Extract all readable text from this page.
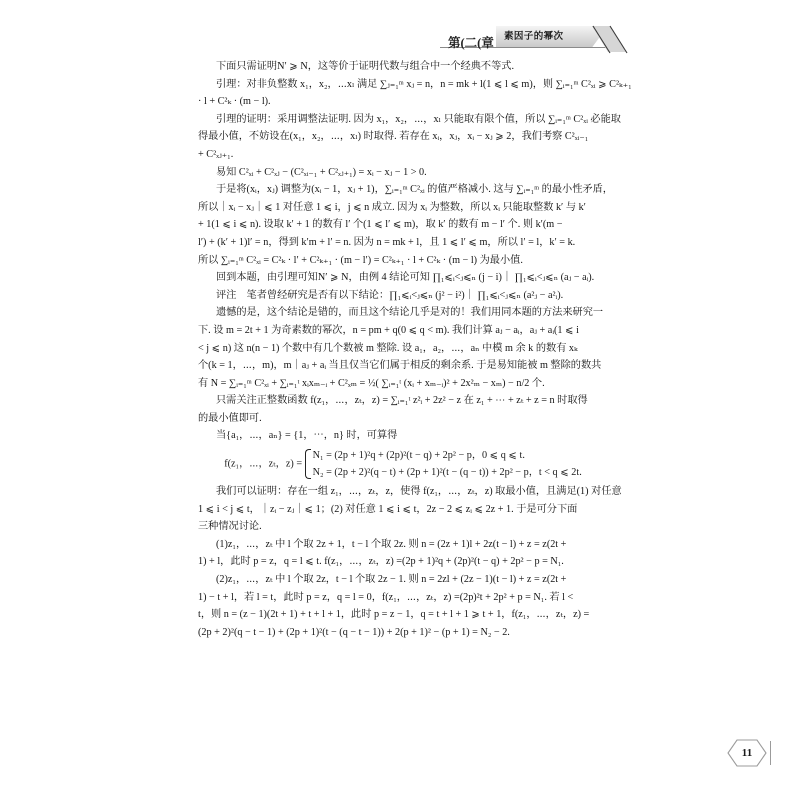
第(二(章 素因子的幂次
下面只需证明N′ ⩾ N，这等价于证明代数与组合中一个经典不等式.
引理：对非负整数 x₁，x₂，⋯xₗ 满足 ∑ⱼ₌₁ᵐ xⱼ = n，n = mk + l(1 ⩽ l ⩽ m)，则 ∑ᵢ₌₁ᵐ C²ₓᵢ ⩾ C²ₖ₊₁
· l + C²ₖ · (m − l).
引理的证明：采用调整法证明. 因为 x₁，x₂，⋯，xₗ 只能取有限个值，所以 ∑ᵢ₌₁ᵐ C²ₓᵢ 必能取
得最小值，不妨设在(x₁，x₂，⋯，xₗ) 时取得. 若存在 xᵢ，xⱼ，xᵢ − xⱼ ⩾ 2，我们考察 C²ₓᵢ₋₁
+ C²ₓⱼ₊₁.
易知 C²ₓᵢ + C²ₓⱼ − (C²ₓᵢ₋₁ + C²ₓⱼ₊₁) = xᵢ − xⱼ − 1 > 0.
于是将(xᵢ，xⱼ) 调整为(xᵢ − 1，xⱼ + 1)，∑ᵢ₌₁ᵐ C²ₓᵢ 的值严格减小. 这与 ∑ᵢ₌₁ᵐ 的最小性矛盾，
所以｜xᵢ − xⱼ｜⩽ 1 对任意 1 ⩽ i，j ⩽ n 成立. 因为 xᵢ 为整数，所以 xᵢ 只能取整数 k′ 与 k′
+ 1(1 ⩽ i ⩽ n). 设取 k′ + 1 的数有 l′ 个(1 ⩽ l′ ⩽ m)，取 k′ 的数有 m − l′ 个. 则 k′(m −
l′) + (k′ + 1)l′ = n，得到 k′m + l′ = n. 因为 n = mk + l，且 1 ⩽ l′ ⩽ m，所以 l′ = l，k′ = k.
所以 ∑ᵢ₌₁ᵐ C²ₓᵢ = C²ₖ · l′ + C²ₖ₊₁ · (m − l′) = C²ₖ₊₁ · l + C²ₖ · (m − l) 为最小值.
回到本题，由引理可知N′ ⩾ N，由例 4 结论可知 ∏₁⩽ᵢ<ⱼ⩽ₙ (j − i)｜ ∏₁⩽ᵢ<ⱼ⩽ₙ (aⱼ − aᵢ).
评注　笔者曾经研究是否有以下结论：∏₁⩽ᵢ<ⱼ⩽ₙ (j² − i²)｜ ∏₁⩽ᵢ<ⱼ⩽ₙ (a²ⱼ − a²ᵢ).
遗憾的是，这个结论是错的，而且这个结论几乎是对的！我们用同本题的方法来研究一
下. 设 m = 2t + 1 为奇素数的幂次，n = pm + q(0 ⩽ q < m). 我们计算 aⱼ − aᵢ，aⱼ + aᵢ(1 ⩽ i
< j ⩽ n) 这 n(n − 1) 个数中有几个数被 m 整除. 设 a₁，a₂，⋯，aₙ 中模 m 余 k 的数有 xₖ
个(k = 1，⋯，m)，m｜aⱼ + aᵢ 当且仅当它们属于相反的剩余系. 于是易知能被 m 整除的数共
有 N = ∑ᵢ₌₁ᵐ C²ₓᵢ + ∑ᵢ₌₁ᵗ xᵢxₘ₋ᵢ + C²ₓₘ = ½( ∑ᵢ₌₁ᵗ (xᵢ + xₘ₋ᵢ)² + 2x²ₘ − xₘ) − n/2 个.
只需关注正整数函数 f(z₁，⋯，zₜ，z) = ∑ᵢ₌₁ᵗ z²ᵢ + 2z² − z 在 z₁ + ⋯ + zₜ + z = n 时取得
的最小值即可.
当{a₁，⋯，aₙ} = {1，⋯，n} 时，可算得
f(z₁，⋯，zₜ，z) =
N₁ = (2p + 1)²q + (2p)²(t − q) + 2p² − p，0 ⩽ q ⩽ t.
N₂ = (2p + 2)²(q − t) + (2p + 1)²(t − (q − t)) + 2p² − p，t < q ⩽ 2t.
我们可以证明：存在一组 z₁，⋯，zₜ，z，使得 f(z₁，⋯，zₜ，z) 取最小值，且满足(1) 对任意
1 ⩽ i < j ⩽ t，｜zᵢ − zⱼ｜⩽ 1；(2) 对任意 1 ⩽ i ⩽ t，2z − 2 ⩽ zᵢ ⩽ 2z + 1. 于是可分下面
三种情况讨论.
(1)z₁，⋯，zₜ 中 l 个取 2z + 1，t − l 个取 2z. 则 n = (2z + 1)l + 2z(t − l) + z = z(2t +
1) + l，此时 p = z，q = l ⩽ t. f(z₁，⋯，zₜ，z) =(2p + 1)²q + (2p)²(t − q) + 2p² − p = N₁.
(2)z₁，⋯，zₜ 中 l 个取 2z，t − l 个取 2z − 1. 则 n = 2zl + (2z − 1)(t − l) + z = z(2t +
1) − t + l，若 l = t，此时 p = z，q = l = 0，f(z₁，⋯，zₜ，z) =(2p)²t + 2p² + p = N₁. 若 l <
t，则 n = (z − 1)(2t + 1) + t + l + 1，此时 p = z − 1，q = t + l + 1 ⩾ t + 1，f(z₁，⋯，zₜ，z) =
(2p + 2)²(q − t − 1) + (2p + 1)²(t − (q − t − 1)) + 2(p + 1)² − (p + 1) = N₂ − 2.
11
